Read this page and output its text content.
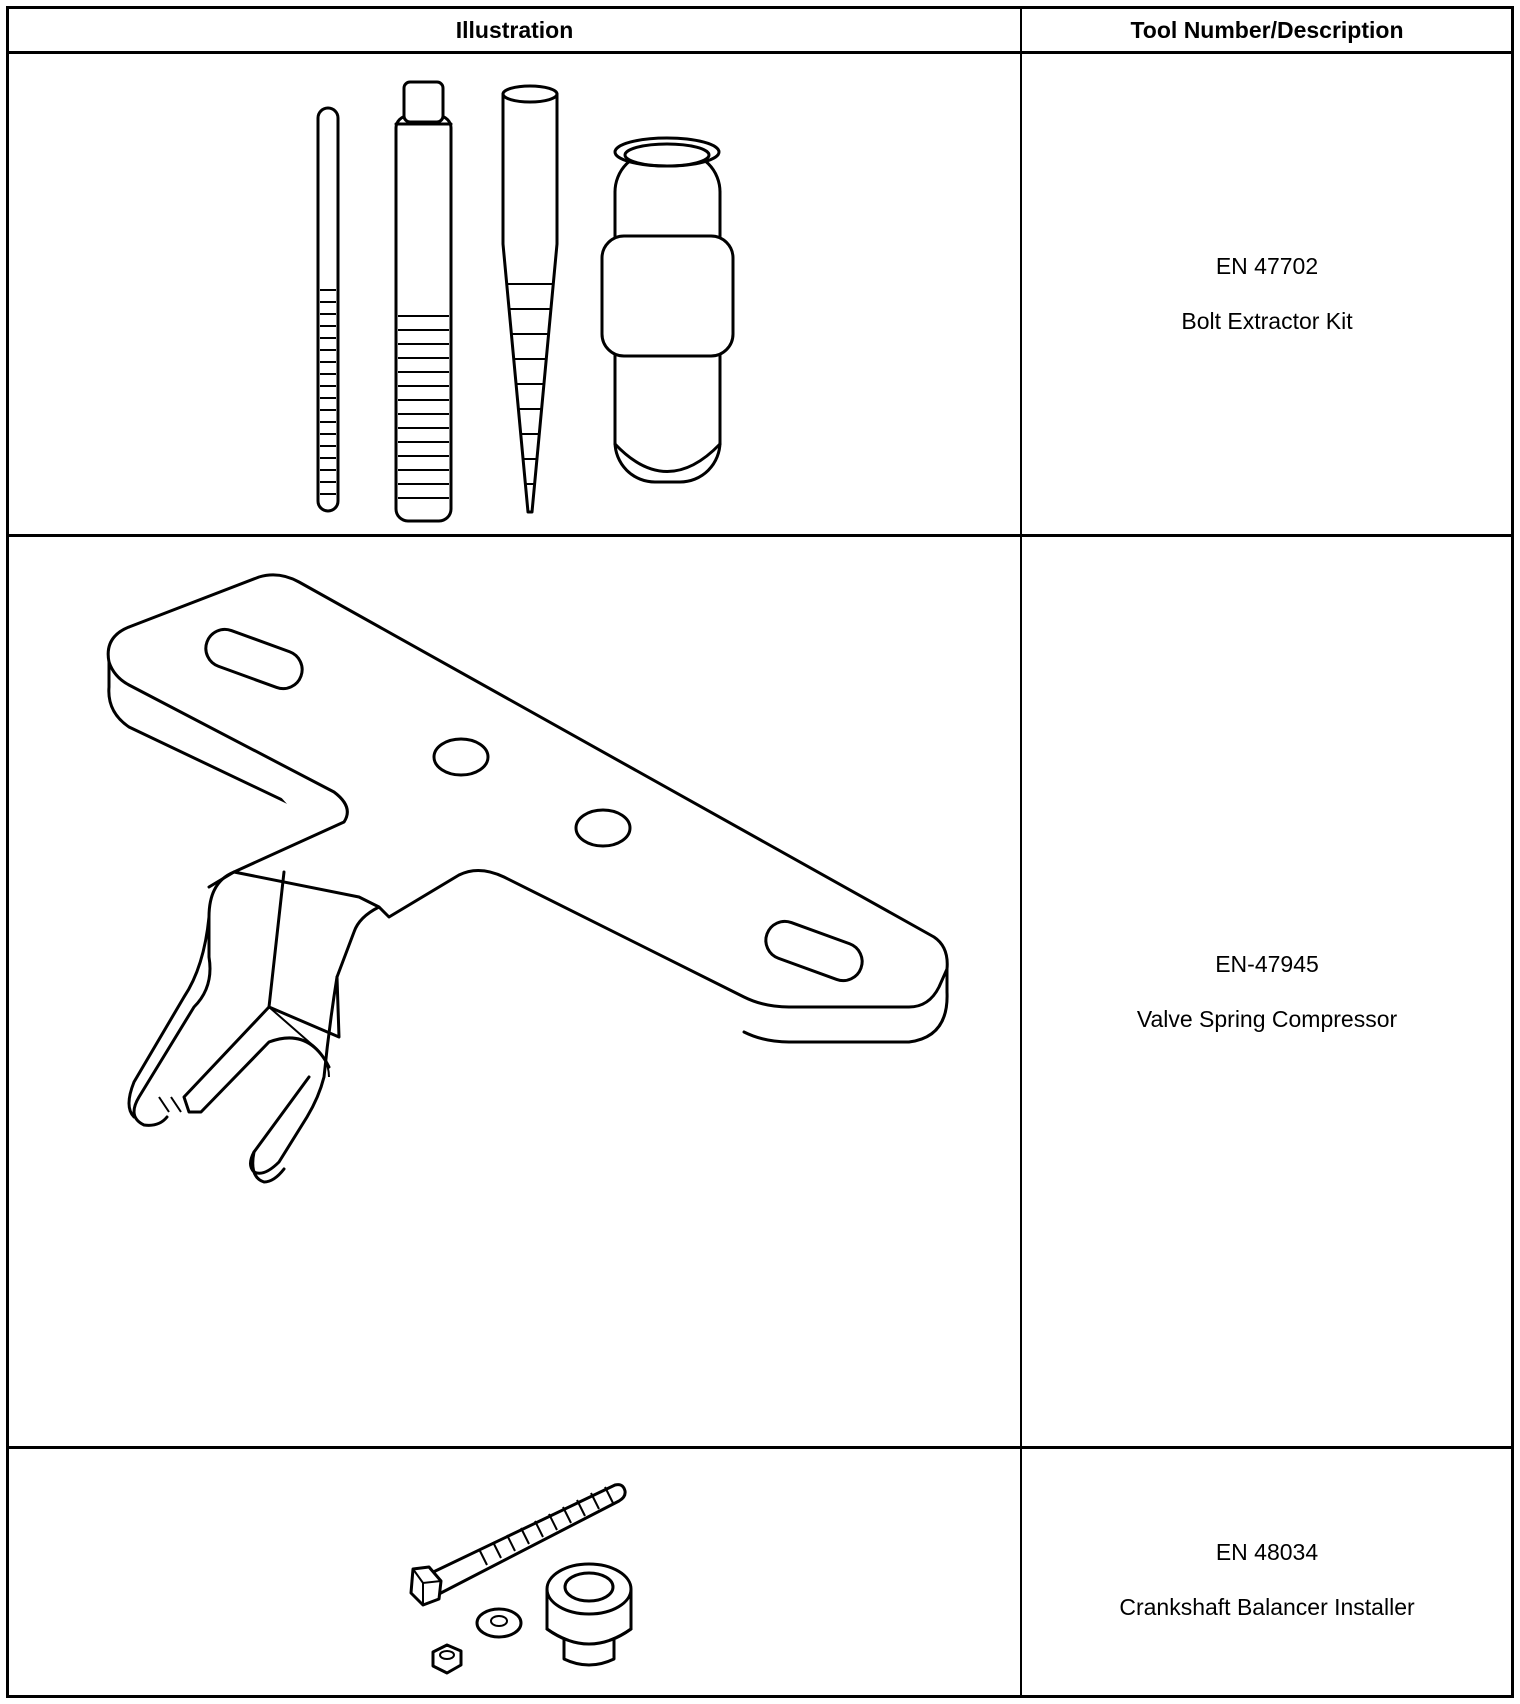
Illustration	Tool Number/Description
EN 47702
Bolt Extractor Kit
EN-47945
Valve Spring Compressor
EN 48034
Crankshaft Balancer Installer
